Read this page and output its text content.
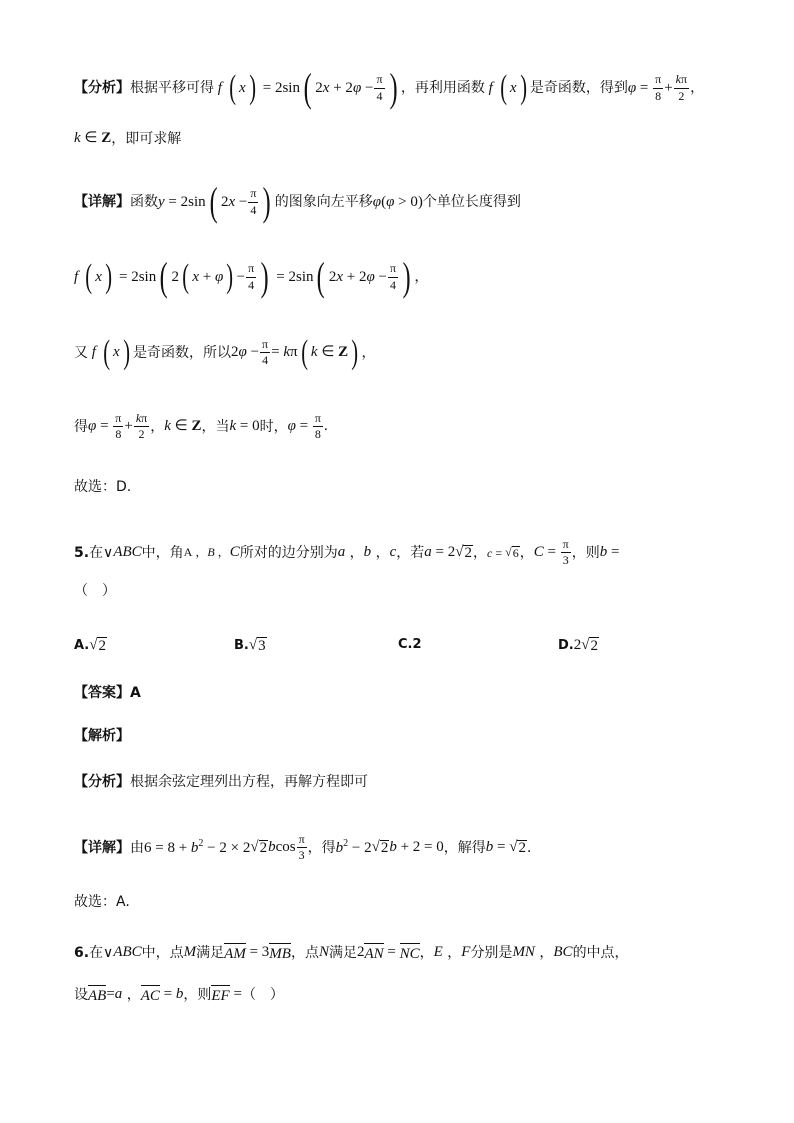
【分析】 根据平移可得 f ( x ) = 2sin ( $2x + 2\varphi - \frac{\pi}{4}$ ) ，再利用函数 f ( x ) 是奇函数，得到 $\varphi = \frac{\pi}{8} + \frac{k\pi}{2}$ ，
k ∈ Z ，即可求解
【详解】 函数 y = 2sin ( $2x - \frac{\pi}{4}$ ) 的图象向左平移 φ (φ > 0) 个单位长度得到
f ( x ) = 2sin ( 2 ( x + φ ) − $\frac{\pi}{4}$ ) = 2sin ( $2x + 2\varphi - \frac{\pi}{4}$ ) ，
又 f ( x ) 是奇函数，所以 $2\varphi - \frac{\pi}{4} = k\pi$ ( k ∈ Z ) ，
得 $\varphi = \frac{\pi}{8} + \frac{k\pi}{2}$ ， k ∈ Z ，当 k = 0 时， $\varphi = \frac{\pi}{8}$ .
故选：D.
5. 在∨ ABC 中，角 A ，B ，C 所对的边分别为 a ， b ， c ，若 a = 2 √ 2 ， c = √ 6 ， $C = \frac{\pi}{3}$ ，则 b =
（　）
A.√ 2	B.√ 3	C.2	D.2√ 2
【答案】A
【解析】
【分析】 根据余弦定理列出方程，再解方程即可
【详解】 由 $6 = 8 + b^2 - 2 \times 2$ √ 2 bcos $\frac{\pi}{3}$ ，得 $b^2 - 2$ √ 2 b + 2 = 0 ，解得 b = √ 2 ．
故选：A.
6. 在∨ ABC 中，点 M 满足 AM = 3 MB ，点 N 满足 2 AN = NC ， E ， F 分别是 MN ， BC 的中点，
设 AB = a ， AC = b ，则 EF = （　）
